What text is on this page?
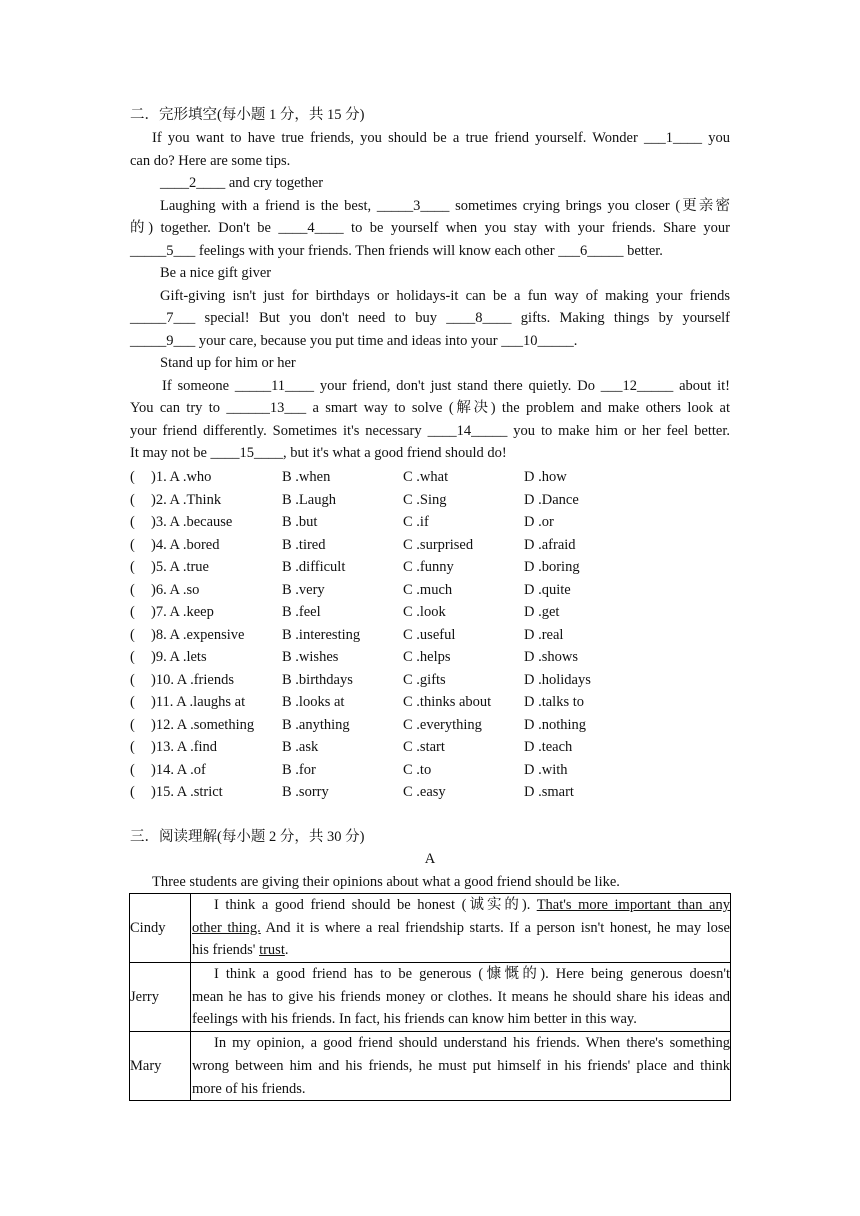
二．完形填空(每小题 1 分，共 15 分)
If you want to have true friends, you should be a true friend yourself. Wonder ___1____ you
can do? Here are some tips.
____2____ and cry together
Laughing with a friend is the best, _____3____ sometimes crying brings you closer (更亲密
的) together. Don't be ____4____ to be yourself when you stay with your friends. Share your
_____5___ feelings with your friends. Then friends will know each other ___6_____ better.
Be a nice gift giver
Gift-giving isn't just for birthdays or holidays-it can be a fun way of making your friends
_____7___ special! But you don't need to buy ____8____ gifts. Making things by yourself
_____9___ your care, because you put time and ideas into your ___10_____.
Stand up for him or her
If someone _____11____ your friend, don't just stand there quietly. Do ___12_____ about it!
You can try to ______13___ a smart way to solve (解决) the problem and make others look at
your friend differently. Sometimes it's necessary ____14_____ you to make him or her feel better.
It may not be ____15____, but it's what a good friend should do!
( )1. A .who	B .when	C .what	D .how
( )2. A .Think	B .Laugh	C .Sing	D .Dance
( )3. A .because	B .but	C .if	D .or
( )4. A .bored	B .tired	C .surprised	D .afraid
( )5. A .true	B .difficult	C .funny	D .boring
( )6. A .so	B .very	C .much	D .quite
( )7. A .keep	B .feel	C .look	D .get
( )8. A .expensive	B .interesting	C .useful	D .real
( )9. A .lets	B .wishes	C .helps	D .shows
( )10. A .friends	B .birthdays	C .gifts	D .holidays
( )11. A .laughs at	B .looks at	C .thinks about D .talks to
( )12. A .something B .anything	C .everything	D .nothing
( )13. A .find	B .ask	C .start	D .teach
( )14. A .of	B .for	C .to	D .with
( )15. A .strict	B .sorry	C .easy	D .smart
三．阅读理解(每小题 2 分，共 30 分)
A
Three students are giving their opinions about what a good friend should be like.
Cindy	I think a good friend should be honest (诚实的). That's more important than any
other thing. And it is where a real friendship starts. If a person isn't honest, he may lose
his friends' trust.

Jerry	I think a good friend has to be generous (慷慨的). Here being generous doesn't
mean he has to give his friends money or clothes. It means he should share his ideas and
feelings with his friends. In fact, his friends can know him better in this way.

Mary	In my opinion, a good friend should understand his friends. When there's something
wrong between him and his friends, he must put himself in his friends' place and think
more of his friends.
